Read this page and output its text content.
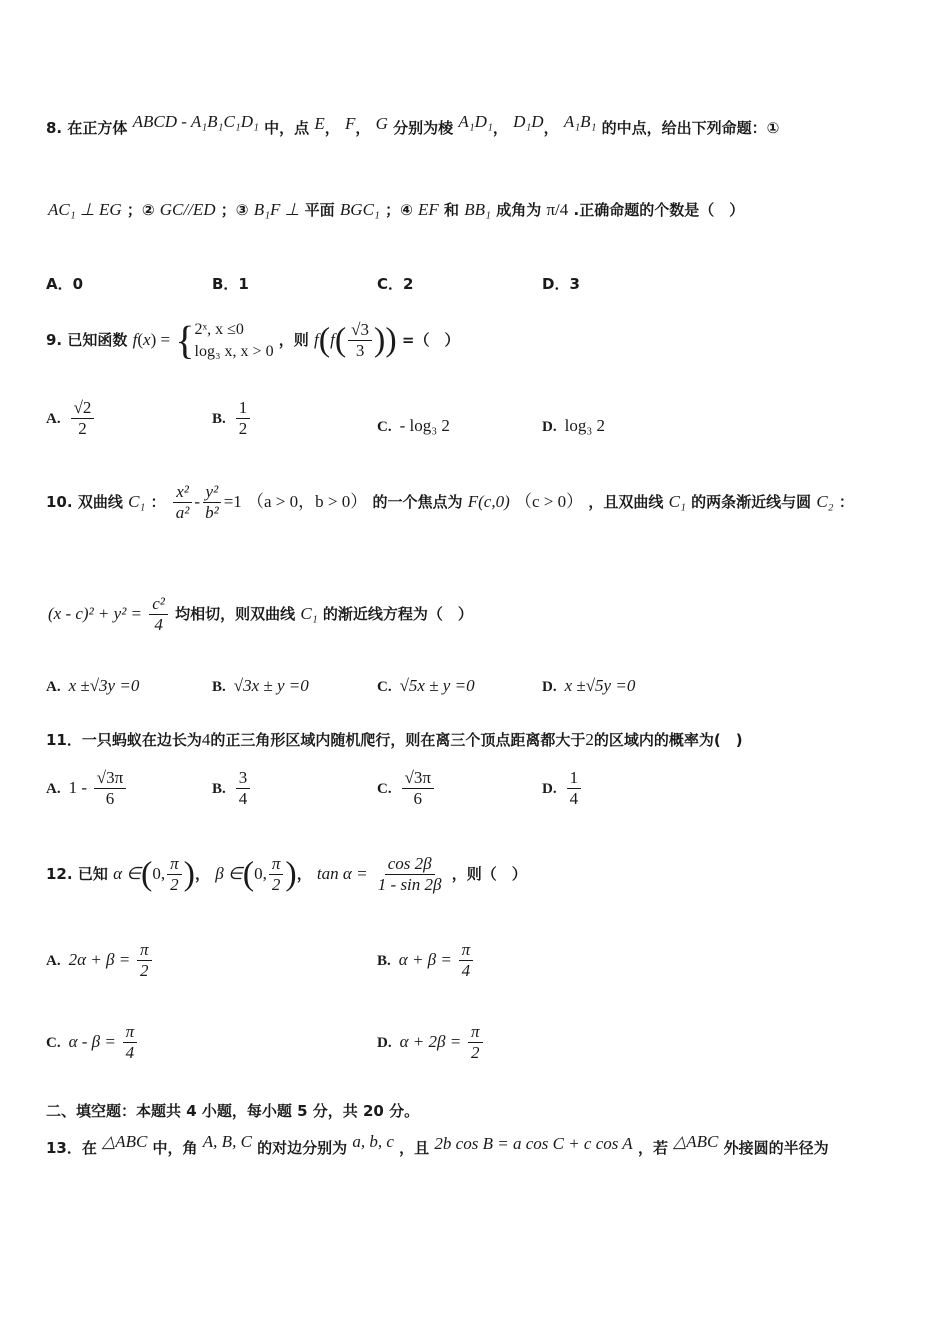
8. 在正方体 ABCD - A₁B₁C₁D₁ 中，点 E， F， G 分别为棱 A₁D₁， D₁D， A₁B₁ 的中点，给出下列命题：①
AC₁ ⊥ EG ；② GC//ED ；③ B₁F ⊥ 平面 BGC₁ ；④ EF 和 BB₁ 成角为 π/4 .正确命题的个数是（　）
A．0	B．1	C．2	D．3
9. 已知函数 f(x) = { 2ˣ, x ≤0
log₃ x, x > 0
，则 $f(f( \frac{√3}{3}$ )) =（　）
A. $\frac{√2}{2}$	B. $\frac{1}{2}$	C. - log₃ 2	D. log₃ 2
10. 双曲线 C₁ ： $\frac{\text{x²}}{\text{a²}} - \frac{\text{y²}}{\text{b²}} =1$ （a > 0，b > 0） 的一个焦点为 F(c,0) （c > 0） ，且双曲线 C₁ 的两条渐近线与圆 C₂ ：
$(x - c)^2 + y^2 = \frac{\text{c²}}{4}$ 均相切，则双曲线 C₁ 的渐近线方程为（　）
A. x ±√3y =0	B. √3x ± y =0	C. √5x ± y =0	D. x ±√5y =0
11．一只蚂蚁在边长为4的正三角形区域内随机爬行，则在离三个顶点距离都大于2的区域内的概率为(　)
A. $1 - \frac{√3\pi}{6}$	B. $\frac{3}{4}$	C. $\frac{√3\pi}{6}$	D. $\frac{1}{4}$
12. 已知 α ∈(0, $\frac{\pi}{2}$ )， β ∈(0, $\frac{\pi}{2}$ )， $\tan \alpha = \frac{\cos 2\beta}{1 - \sin 2\beta}$ ，则（　）
A. $2\alpha + \beta = \frac{\pi}{2}$	B. $\alpha + \beta = \frac{\pi}{4}$
C. $\alpha - \beta = \frac{\pi}{4}$	D. $\alpha + 2\beta = \frac{\pi}{2}$
二、填空题：本题共 4 小题，每小题 5 分，共 20 分。
13．在 △ABC 中，角 A, B, C 的对边分别为 a, b, c ，且 2b cos B = a cos C + c cos A ，若 △ABC 外接圆的半径为
